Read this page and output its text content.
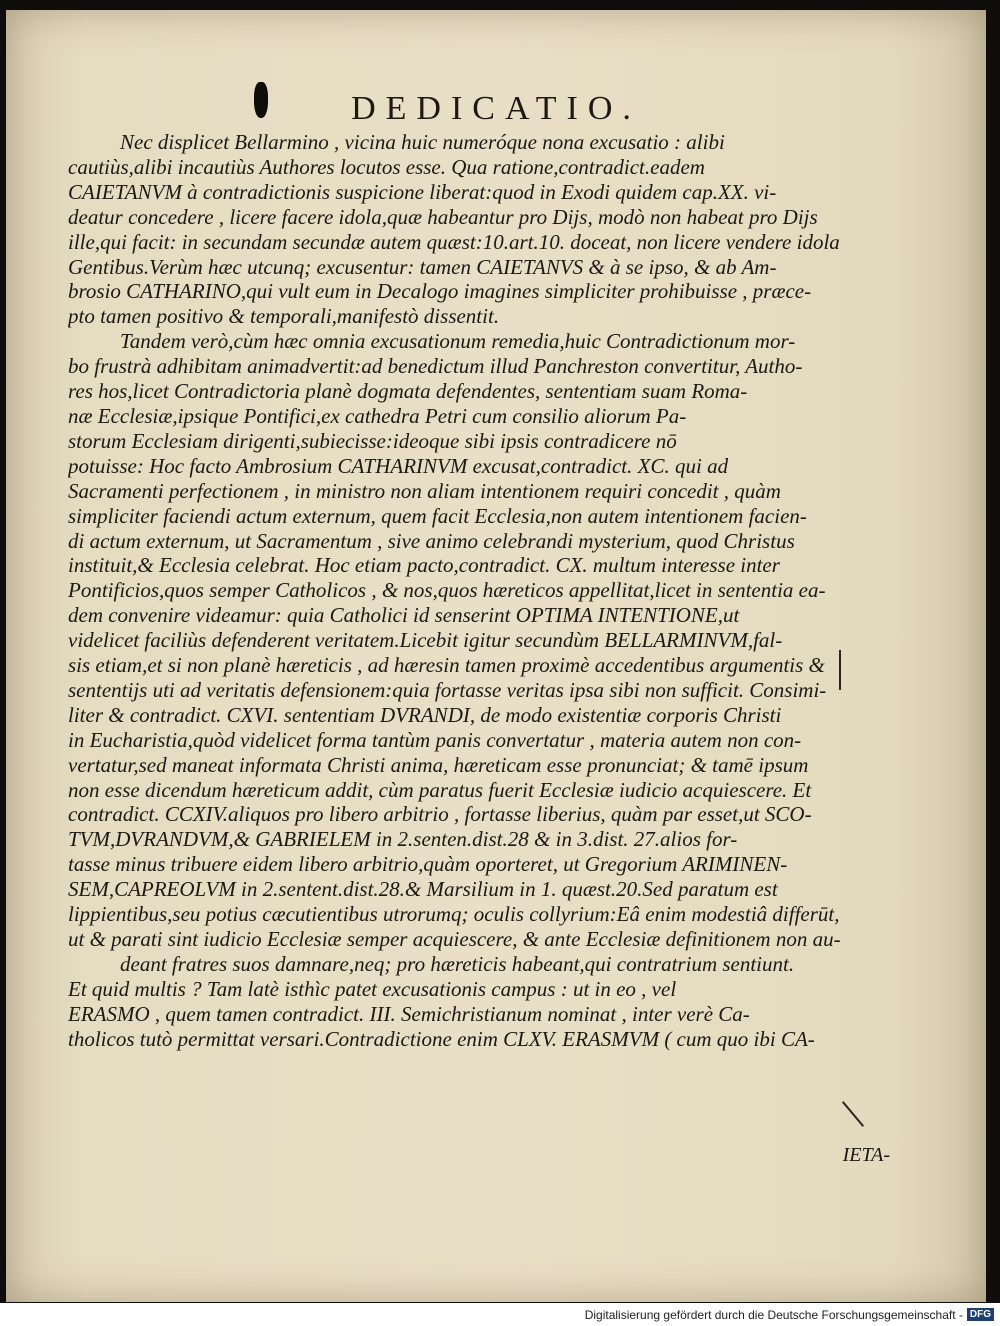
DEDICATIO.
Nec displicet Bellarmino , vicina huic numeróque nona excusatio : alibi
cautiùs,alibi incautiùs Authores locutos esse. Qua ratione,contradict.eadem
CAIETANVM à contradictionis suspicione liberat:quod in Exodi quidem cap.XX. vi-
deatur concedere , licere facere idola,quæ habeantur pro Dijs, modò non habeat pro Dijs
ille,qui facit: in secundam secundæ autem quæst:10.art.10. doceat, non licere vendere idola
Gentibus.Verùm hæc utcunq; excusentur: tamen CAIETANVS & à se ipso, & ab Am-
brosio CATHARINO,qui vult eum in Decalogo imagines simpliciter prohibuisse , præce-
pto tamen positivo & temporali,manifestò dissentit.
Tandem verò,cùm hæc omnia excusationum remedia,huic Contradictionum mor-
bo frustrà adhibitam animadvertit:ad benedictum illud Panchreston convertitur, Autho-
res hos,licet Contradictoria planè dogmata defendentes, sententiam suam Roma-
næ Ecclesiæ,ipsique Pontifici,ex cathedra Petri cum consilio aliorum Pa-
storum Ecclesiam dirigenti,subiecisse:ideoque sibi ipsis contradicere nō
potuisse: Hoc facto Ambrosium CATHARINVM excusat,contradict. XC. qui ad
Sacramenti perfectionem , in ministro non aliam intentionem requiri concedit , quàm
simpliciter faciendi actum externum, quem facit Ecclesia,non autem intentionem facien-
di actum externum, ut Sacramentum , sive animo celebrandi mysterium, quod Christus
instituit,& Ecclesia celebrat. Hoc etiam pacto,contradict. CX. multum interesse inter
Pontificios,quos semper Catholicos , & nos,quos hæreticos appellitat,licet in sententia ea-
dem convenire videamur: quia Catholici id senserint OPTIMA INTENTIONE,ut
videlicet faciliùs defenderent veritatem.Licebit igitur secundùm BELLARMINVM,fal-
sis etiam,et si non planè hæreticis , ad hæresin tamen proximè accedentibus argumentis &
sententijs uti ad veritatis defensionem:quia fortasse veritas ipsa sibi non sufficit. Consimi-
liter & contradict. CXVI. sententiam DVRANDI, de modo existentiæ corporis Christi
in Eucharistia,quòd videlicet forma tantùm panis convertatur , materia autem non con-
vertatur,sed maneat informata Christi anima, hæreticam esse pronunciat; & tamē ipsum
non esse dicendum hæreticum addit, cùm paratus fuerit Ecclesiæ iudicio acquiescere. Et
contradict. CCXIV.aliquos pro libero arbitrio , fortasse liberius, quàm par esset,ut SCO-
TVM,DVRANDVM,& GABRIELEM in 2.senten.dist.28 & in 3.dist. 27.alios for-
tasse minus tribuere eidem libero arbitrio,quàm oporteret, ut Gregorium ARIMINEN-
SEM,CAPREOLVM in 2.sentent.dist.28.& Marsilium in 1. quæst.20.Sed paratum est
lippientibus,seu potius cæcutientibus utrorumq; oculis collyrium:Eâ enim modestiâ differūt,
ut & parati sint iudicio Ecclesiæ semper acquiescere, & ante Ecclesiæ definitionem non au-
deant fratres suos damnare,neq; pro hæreticis habeant,qui contratrium sentiunt.
Et quid multis ? Tam latè isthìc patet excusationis campus : ut in eo , vel
ERASMO , quem tamen contradict. III. Semichristianum nominat , inter verè Ca-
tholicos tutò permittat versari.Contradictione enim CLXV. ERASMVM ( cum quo ibi CA-
IETA-
Digitalisierung gefördert durch die Deutsche Forschungsgemeinschaft - DFG
